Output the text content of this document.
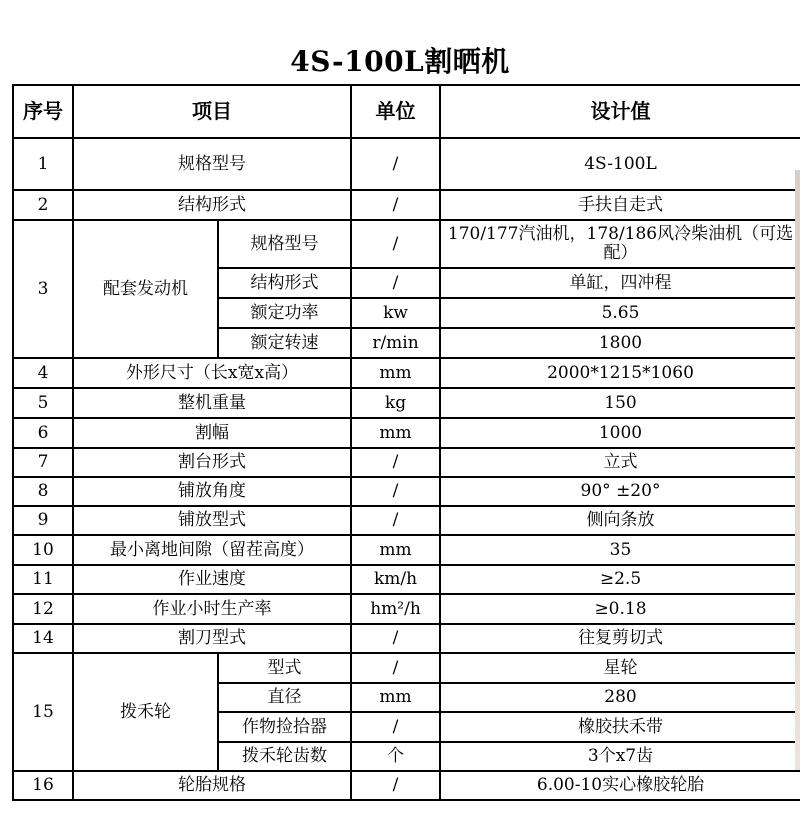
4S-100L割晒机
序号	项目		单位	设计值
1	规格型号		/	4S-100L
2	结构形式		/	手扶自走式
3	配套发动机	规格型号	/	170/177汽油机，178/186风冷柴油机（可选配）
		结构形式	/	单缸，四冲程
		额定功率	kw	5.65
		额定转速	r/min	1800
4	外形尺寸（长x宽x高）		mm	2000*1215*1060
5	整机重量		kg	150
6	割幅		mm	1000
7	割台形式		/	立式
8	铺放角度		/	90° ±20°
9	铺放型式		/	侧向条放
10	最小离地间隙（留茬高度）		mm	35
11	作业速度		km/h	≥2.5
12	作业小时生产率		hm²/h	≥0.18
14	割刀型式		/	往复剪切式
15	拨禾轮	型式	/	星轮
		直径	mm	280
		作物捡拾器	/	橡胶扶禾带
		拨禾轮齿数	个	3个x7齿
16	轮胎规格		/	6.00-10实心橡胶轮胎
